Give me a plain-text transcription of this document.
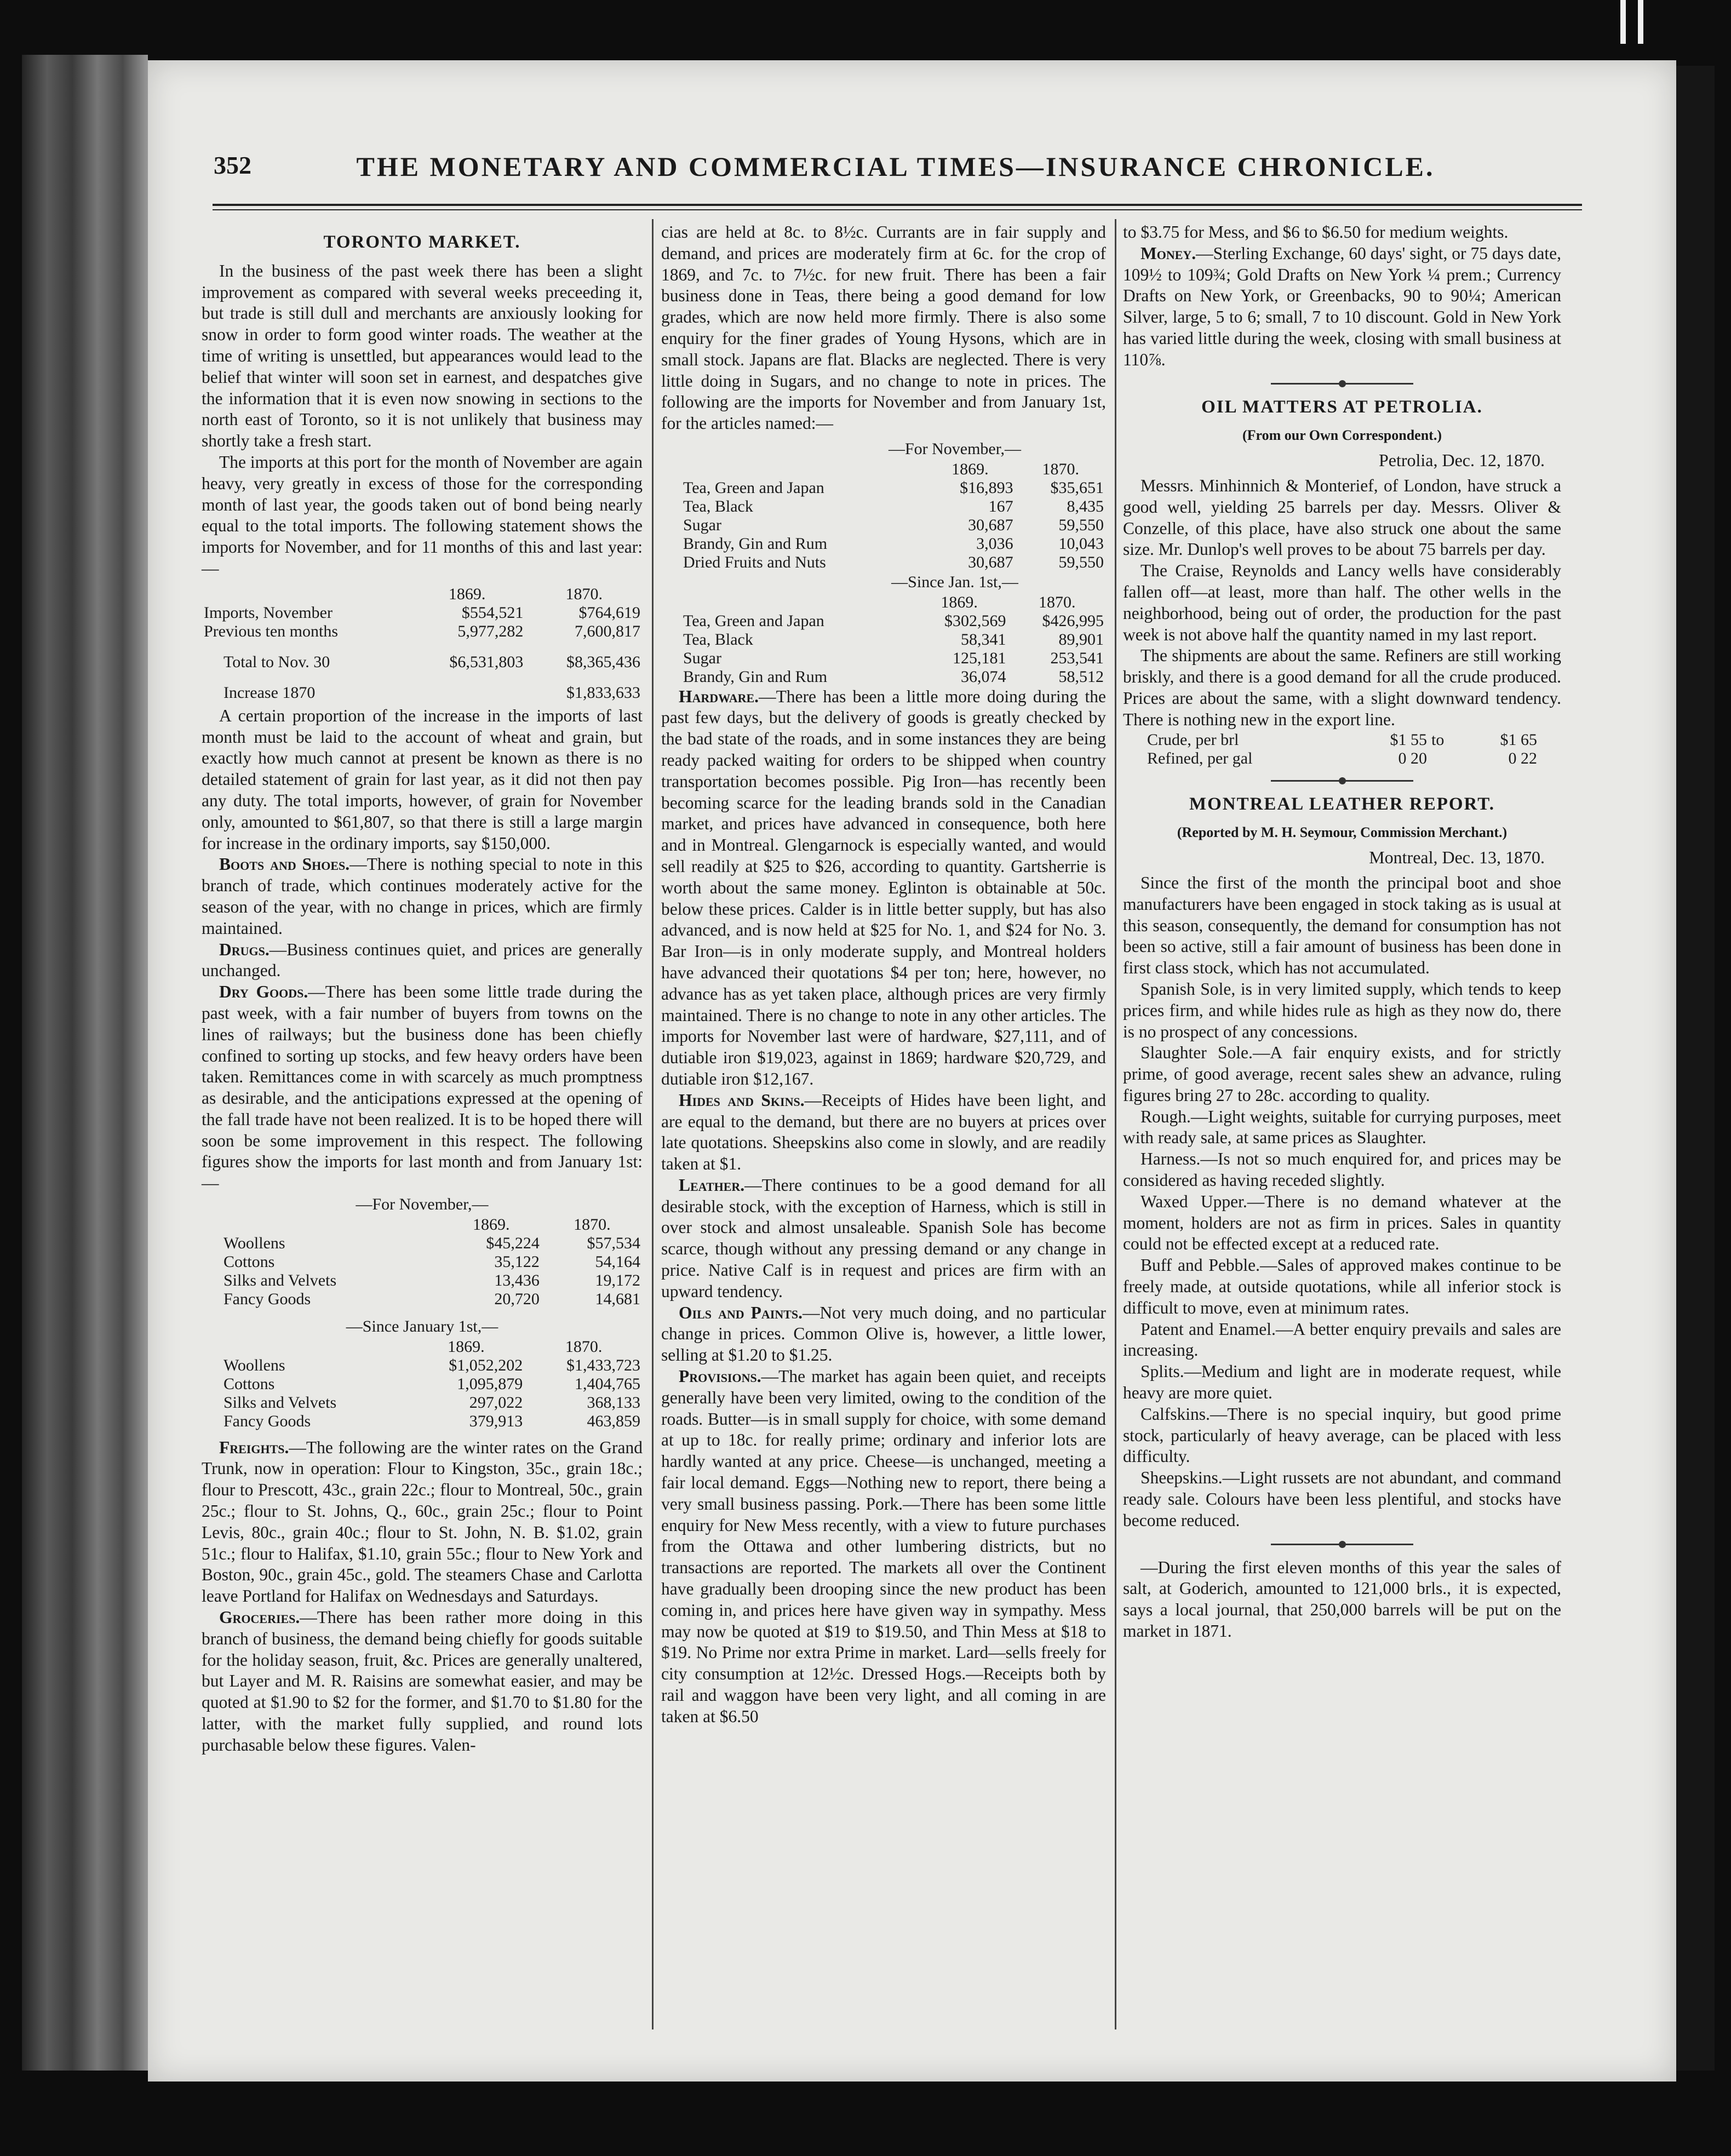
352	THE MONETARY AND COMMERCIAL TIMES—INSURANCE CHRONICLE.
TORONTO MARKET.

In the business of the past week there has been a slight improvement as compared with several weeks preceeding it, but trade is still dull and merchants are anxiously looking for snow in order to form good winter roads. The weather at the time of writing is unsettled, but appearances would lead to the belief that winter will soon set in earnest, and despatches give the information that it is even now snowing in sections to the north east of Toronto, so it is not unlikely that business may shortly take a fresh start.

The imports at this port for the month of November are again heavy, very greatly in excess of those for the corresponding month of last year, the goods taken out of bond being nearly equal to the total imports. The following statement shows the imports for November, and for 11 months of this and last year:—

	1869.	1870.
Imports, November	$554,521	$764,619
Previous ten months	5,977,282	7,600,817

Total to Nov. 30	$6,531,803	$8,365,436

Increase 1870		$1,833,633

A certain proportion of the increase in the imports of last month must be laid to the account of wheat and grain, but exactly how much cannot at present be known as there is no detailed statement of grain for last year, as it did not then pay any duty. The total imports, however, of grain for November only, amounted to $61,807, so that there is still a large margin for increase in the ordinary imports, say $150,000.

Boots and Shoes.—There is nothing special to note in this branch of trade, which continues moderately active for the season of the year, with no change in prices, which are firmly maintained.

Drugs.—Business continues quiet, and prices are generally unchanged.

Dry Goods.—There has been some little trade during the past week, with a fair number of buyers from towns on the lines of railways; but the business done has been chiefly confined to sorting up stocks, and few heavy orders have been taken. Remittances come in with scarcely as much promptness as desirable, and the anticipations expressed at the opening of the fall trade have not been realized. It is to be hoped there will soon be some improvement in this respect. The following figures show the imports for last month and from January 1st:—

—For November,—
	1869.	1870.
Woollens	$45,224	$57,534
Cottons	35,122	54,164
Silks and Velvets	13,436	19,172
Fancy Goods	20,720	14,681
—Since January 1st,—
	1869.	1870.
Woollens	$1,052,202	$1,433,723
Cottons	1,095,879	1,404,765
Silks and Velvets	297,022	368,133
Fancy Goods	379,913	463,859

Freights.—The following are the winter rates on the Grand Trunk, now in operation: Flour to Kingston, 35c., grain 18c.; flour to Prescott, 43c., grain 22c.; flour to Montreal, 50c., grain 25c.; flour to St. Johns, Q., 60c., grain 25c.; flour to Point Levis, 80c., grain 40c.; flour to St. John, N. B. $1.02, grain 51c.; flour to Halifax, $1.10, grain 55c.; flour to New York and Boston, 90c., grain 45c., gold. The steamers Chase and Carlotta leave Portland for Halifax on Wednesdays and Saturdays.

Groceries.—There has been rather more doing in this branch of business, the demand being chiefly for goods suitable for the holiday season, fruit, &c. Prices are generally unaltered, but Layer and M. R. Raisins are somewhat easier, and may be quoted at $1.90 to $2 for the former, and $1.70 to $1.80 for the latter, with the market fully supplied, and round lots purchasable below these figures. Valen-

cias are held at 8c. to 8½c. Currants are in fair supply and demand, and prices are moderately firm at 6c. for the crop of 1869, and 7c. to 7½c. for new fruit. There has been a fair business done in Teas, there being a good demand for low grades, which are now held more firmly. There is also some enquiry for the finer grades of Young Hysons, which are in small stock. Japans are flat. Blacks are neglected. There is very little doing in Sugars, and no change to note in prices. The following are the imports for November and from January 1st, for the articles named:—

—For November,—
	1869.	1870.
Tea, Green and Japan	$16,893	$35,651
Tea, Black	167	8,435
Sugar	30,687	59,550
Brandy, Gin and Rum	3,036	10,043
Dried Fruits and Nuts	30,687	59,550
—Since Jan. 1st,—
	1869.	1870.
Tea, Green and Japan	$302,569	$426,995
Tea, Black	58,341	89,901
Sugar	125,181	253,541
Brandy, Gin and Rum	36,074	58,512

Hardware.—There has been a little more doing during the past few days, but the delivery of goods is greatly checked by the bad state of the roads, and in some instances they are being ready packed waiting for orders to be shipped when country transportation becomes possible. Pig Iron—has recently been becoming scarce for the leading brands sold in the Canadian market, and prices have advanced in consequence, both here and in Montreal. Glengarnock is especially wanted, and would sell readily at $25 to $26, according to quantity. Gartsherrie is worth about the same money. Eglinton is obtainable at 50c. below these prices. Calder is in little better supply, but has also advanced, and is now held at $25 for No. 1, and $24 for No. 3. Bar Iron—is in only moderate supply, and Montreal holders have advanced their quotations $4 per ton; here, however, no advance has as yet taken place, although prices are very firmly maintained. There is no change to note in any other articles. The imports for November last were of hardware, $27,111, and of dutiable iron $19,023, against in 1869; hardware $20,729, and dutiable iron $12,167.

Hides and Skins.—Receipts of Hides have been light, and are equal to the demand, but there are no buyers at prices over late quotations. Sheepskins also come in slowly, and are readily taken at $1.

Leather.—There continues to be a good demand for all desirable stock, with the exception of Harness, which is still in over stock and almost unsaleable. Spanish Sole has become scarce, though without any pressing demand or any change in price. Native Calf is in request and prices are firm with an upward tendency.

Oils and Paints.—Not very much doing, and no particular change in prices. Common Olive is, however, a little lower, selling at $1.20 to $1.25.

Provisions.—The market has again been quiet, and receipts generally have been very limited, owing to the condition of the roads. Butter—is in small supply for choice, with some demand at up to 18c. for really prime; ordinary and inferior lots are hardly wanted at any price. Cheese—is unchanged, meeting a fair local demand. Eggs—Nothing new to report, there being a very small business passing. Pork.—There has been some little enquiry for New Mess recently, with a view to future purchases from the Ottawa and other lumbering districts, but no transactions are reported. The markets all over the Continent have gradually been drooping since the new product has been coming in, and prices here have given way in sympathy. Mess may now be quoted at $19 to $19.50, and Thin Mess at $18 to $19. No Prime nor extra Prime in market. Lard—sells freely for city consumption at 12½c. Dressed Hogs.—Receipts both by rail and waggon have been very light, and all coming in are taken at $6.50

to $3.75 for Mess, and $6 to $6.50 for medium weights.

Money.—Sterling Exchange, 60 days' sight, or 75 days date, 109½ to 109¾; Gold Drafts on New York ¼ prem.; Currency Drafts on New York, or Greenbacks, 90 to 90¼; American Silver, large, 5 to 6; small, 7 to 10 discount. Gold in New York has varied little during the week, closing with small business at 110⅞.

OIL MATTERS AT PETROLIA.
(From our Own Correspondent.)
Petrolia, Dec. 12, 1870.

Messrs. Minhinnich & Monterief, of London, have struck a good well, yielding 25 barrels per day. Messrs. Oliver & Conzelle, of this place, have also struck one about the same size. Mr. Dunlop's well proves to be about 75 barrels per day.

The Craise, Reynolds and Lancy wells have considerably fallen off—at least, more than half. The other wells in the neighborhood, being out of order, the production for the past week is not above half the quantity named in my last report.

The shipments are about the same. Refiners are still working briskly, and there is a good demand for all the crude produced. Prices are about the same, with a slight downward tendency. There is nothing new in the export line.

Crude, per brl	$1 55	to	$1 65
Refined, per gal	0 20		0 22
MONTREAL LEATHER REPORT.
(Reported by M. H. Seymour, Commission Merchant.)
Montreal, Dec. 13, 1870.

Since the first of the month the principal boot and shoe manufacturers have been engaged in stock taking as is usual at this season, consequently, the demand for consumption has not been so active, still a fair amount of business has been done in first class stock, which has not accumulated.

Spanish Sole, is in very limited supply, which tends to keep prices firm, and while hides rule as high as they now do, there is no prospect of any concessions.

Slaughter Sole.—A fair enquiry exists, and for strictly prime, of good average, recent sales shew an advance, ruling figures bring 27 to 28c. according to quality.

Rough.—Light weights, suitable for currying purposes, meet with ready sale, at same prices as Slaughter.

Harness.—Is not so much enquired for, and prices may be considered as having receded slightly.

Waxed Upper.—There is no demand whatever at the moment, holders are not as firm in prices. Sales in quantity could not be effected except at a reduced rate.

Buff and Pebble.—Sales of approved makes continue to be freely made, at outside quotations, while all inferior stock is difficult to move, even at minimum rates.

Patent and Enamel.—A better enquiry prevails and sales are increasing.

Splits.—Medium and light are in moderate request, while heavy are more quiet.

Calfskins.—There is no special inquiry, but good prime stock, particularly of heavy average, can be placed with less difficulty.

Sheepskins.—Light russets are not abundant, and command ready sale. Colours have been less plentiful, and stocks have become reduced.

—During the first eleven months of this year the sales of salt, at Goderich, amounted to 121,000 brls., it is expected, says a local journal, that 250,000 barrels will be put on the market in 1871.
